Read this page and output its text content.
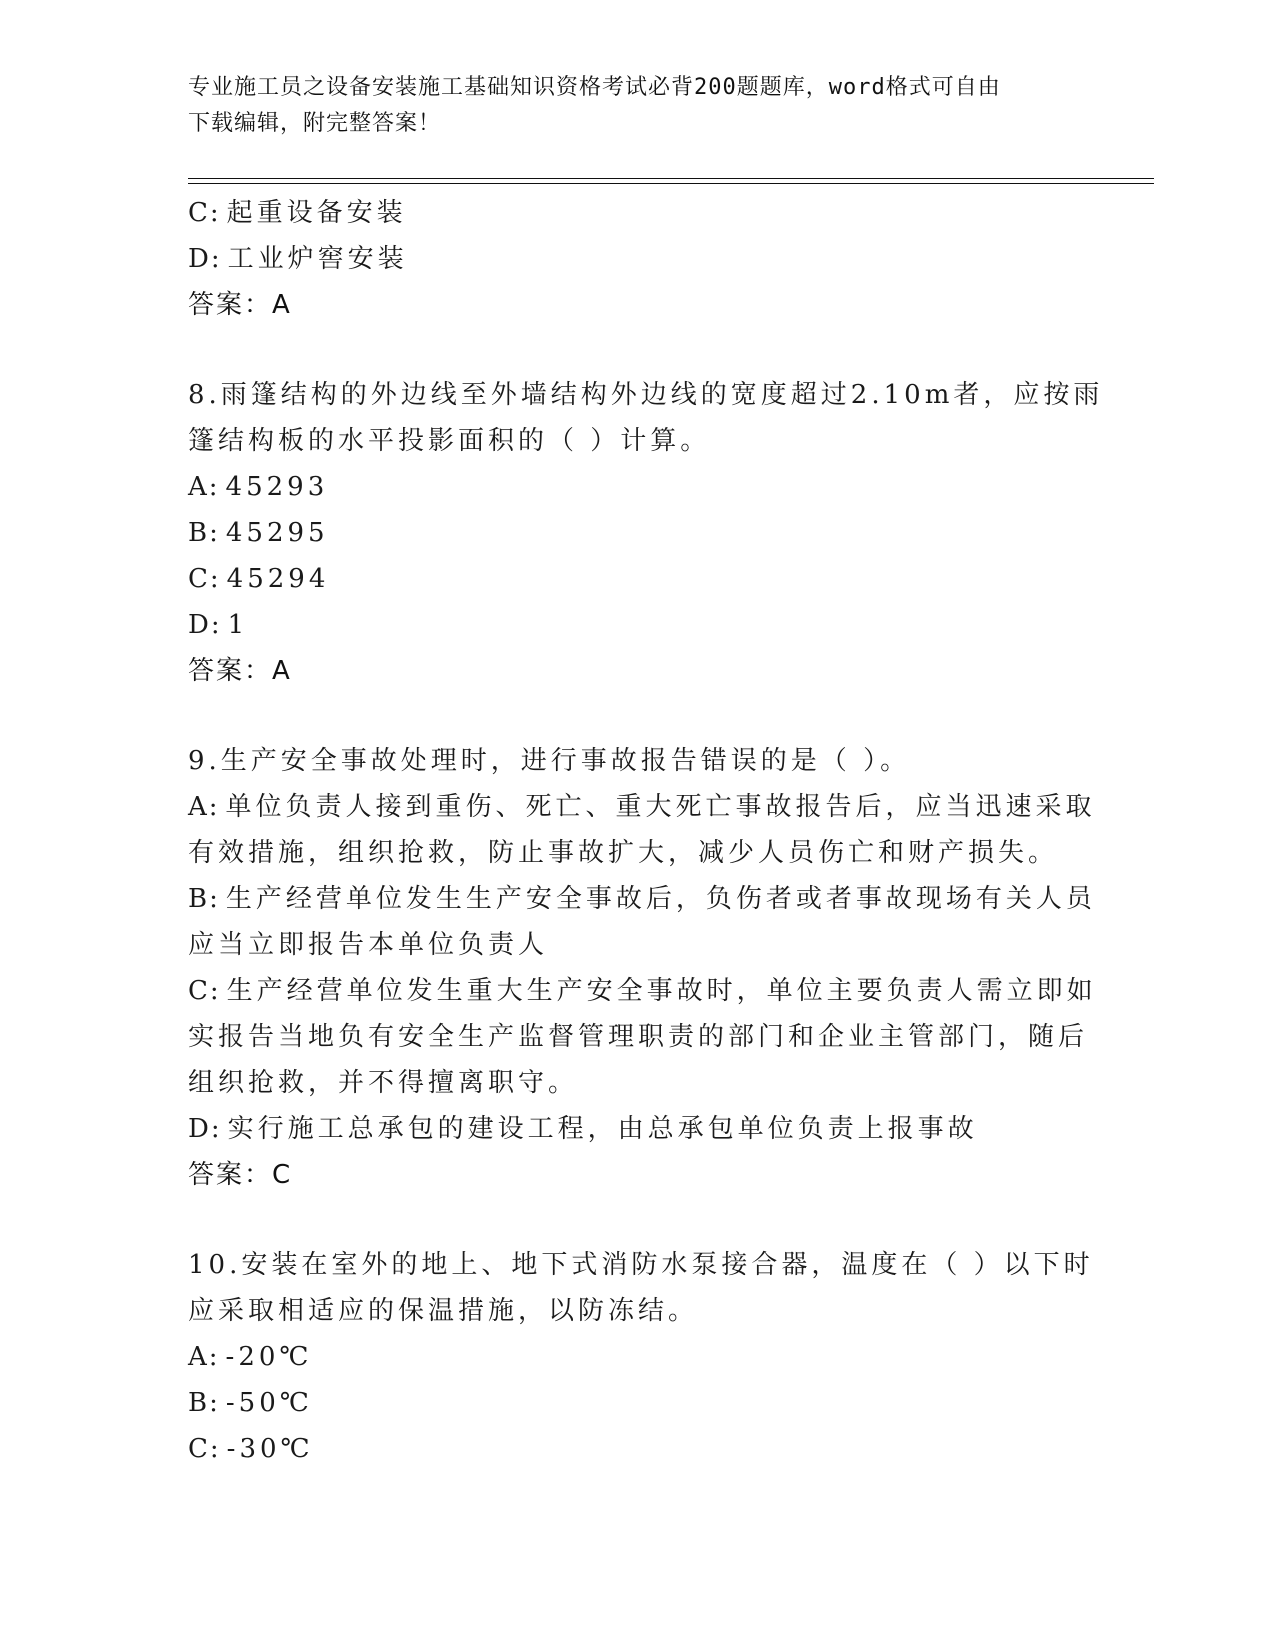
专业施工员之设备安装施工基础知识资格考试必背200题题库，word格式可自由
下载编辑，附完整答案！
C: 起重设备安装
D: 工业炉窖安装
答案：A
8.雨篷结构的外边线至外墙结构外边线的宽度超过2.10m者，应按雨
篷结构板的水平投影面积的（ ）计算。
A: 45293
B: 45295
C: 45294
D: 1
答案：A
9.生产安全事故处理时，进行事故报告错误的是（ ）。
A: 单位负责人接到重伤、死亡、重大死亡事故报告后，应当迅速采取
有效措施，组织抢救，防止事故扩大，减少人员伤亡和财产损失。
B: 生产经营单位发生生产安全事故后，负伤者或者事故现场有关人员
应当立即报告本单位负责人
C: 生产经营单位发生重大生产安全事故时，单位主要负责人需立即如
实报告当地负有安全生产监督管理职责的部门和企业主管部门，随后
组织抢救，并不得擅离职守。
D: 实行施工总承包的建设工程，由总承包单位负责上报事故
答案：C
10.安装在室外的地上、地下式消防水泵接合器，温度在（ ）以下时
应采取相适应的保温措施，以防冻结。
A: -20℃
B: -50℃
C: -30℃
